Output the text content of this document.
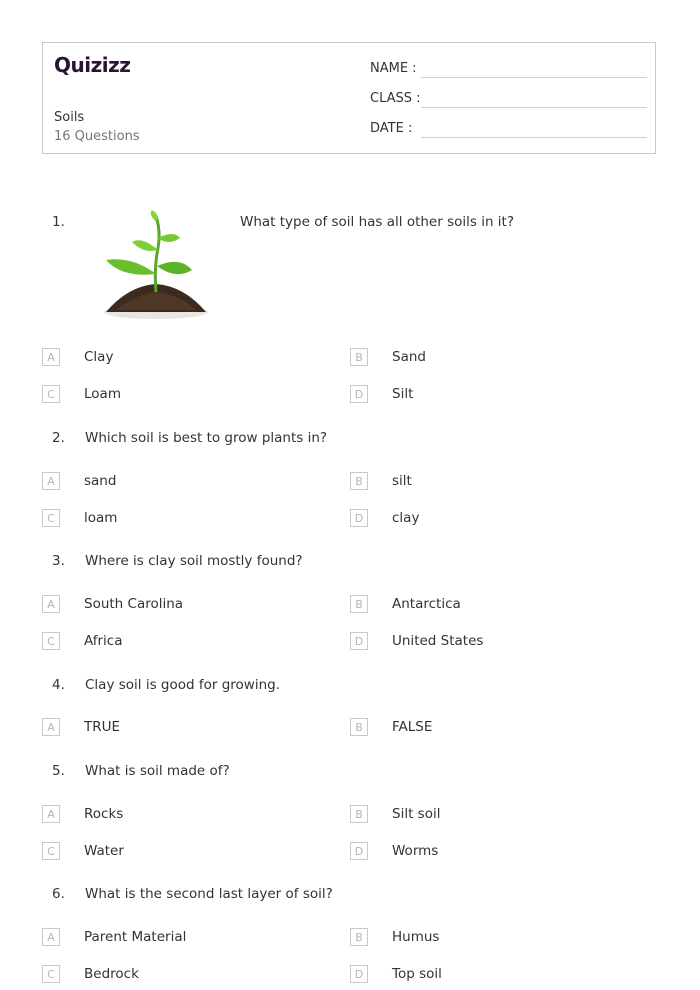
Quizizz
Soils
16 Questions
NAME :
CLASS :
DATE :
1.	What type of soil has all other soils in it?
A	Clay	B	Sand
C	Loam	D	Silt
2. Which soil is best to grow plants in?
A	sand	B	silt
C	loam	D	clay
3. Where is clay soil mostly found?
A	South Carolina	B	Antarctica
C	Africa	D	United States
4. Clay soil is good for growing.
A	TRUE	B	FALSE
5. What is soil made of?
A	Rocks	B	Silt soil
C	Water	D	Worms
6. What is the second last layer of soil?
A	Parent Material	B	Humus
C	Bedrock	D	Top soil
